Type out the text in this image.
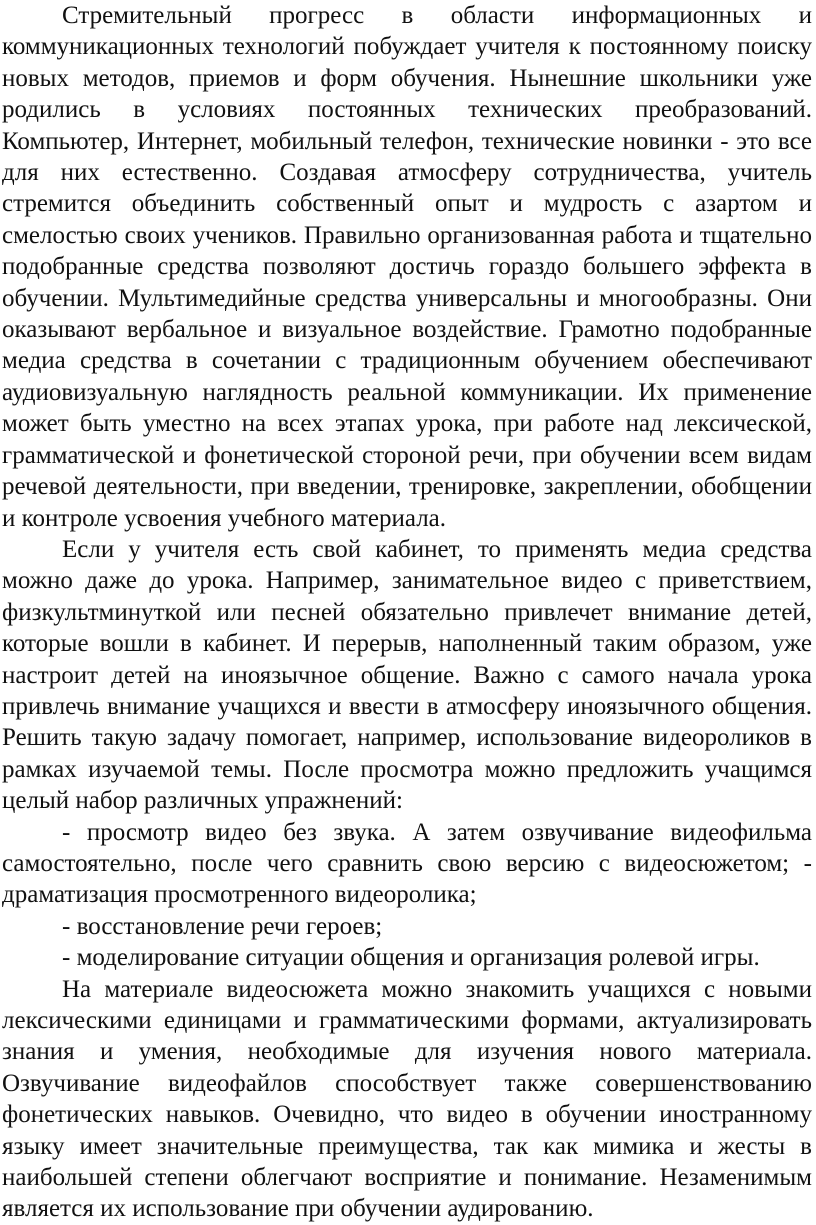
Стремительный прогресс в области информационных и коммуникационных технологий побуждает учителя к постоянному поиску новых методов, приемов и форм обучения. Нынешние школьники уже родились в условиях постоянных технических преобразований. Компьютер, Интернет, мобильный телефон, технические новинки - это все для них естественно. Создавая атмосферу сотрудничества, учитель стремится объединить собственный опыт и мудрость с азартом и смелостью своих учеников. Правильно организованная работа и тщательно подобранные средства позволяют достичь гораздо большего эффекта в обучении. Мультимедийные средства универсальны и многообразны. Они оказывают вербальное и визуальное воздействие. Грамотно подобранные медиа средства в сочетании с традиционным обучением обеспечивают аудиовизуальную наглядность реальной коммуникации. Их применение может быть уместно на всех этапах урока, при работе над лексической, грамматической и фонетической стороной речи, при обучении всем видам речевой деятельности, при введении, тренировке, закреплении, обобщении и контроле усвоения учебного материала.

Если у учителя есть свой кабинет, то применять медиа средства можно даже до урока. Например, занимательное видео с приветствием, физкультминуткой или песней обязательно привлечет внимание детей, которые вошли в кабинет. И перерыв, наполненный таким образом, уже настроит детей на иноязычное общение. Важно с самого начала урока привлечь внимание учащихся и ввести в атмосферу иноязычного общения. Решить такую задачу помогает, например, использование видеороликов в рамках изучаемой темы. После просмотра можно предложить учащимся целый набор различных упражнений:

- просмотр видео без звука. А затем озвучивание видеофильма самостоятельно, после чего сравнить свою версию с видеосюжетом; - драматизация просмотренного видеоролика;

- восстановление речи героев;

- моделирование ситуации общения и организация ролевой игры.

На материале видеосюжета можно знакомить учащихся с новыми лексическими единицами и грамматическими формами, актуализировать знания и умения, необходимые для изучения нового материала. Озвучивание видеофайлов способствует также совершенствованию фонетических навыков. Очевидно, что видео в обучении иностранному языку имеет значительные преимущества, так как мимика и жесты в наибольшей степени облегчают восприятие и понимание. Незаменимым является их использование при обучении аудированию.
